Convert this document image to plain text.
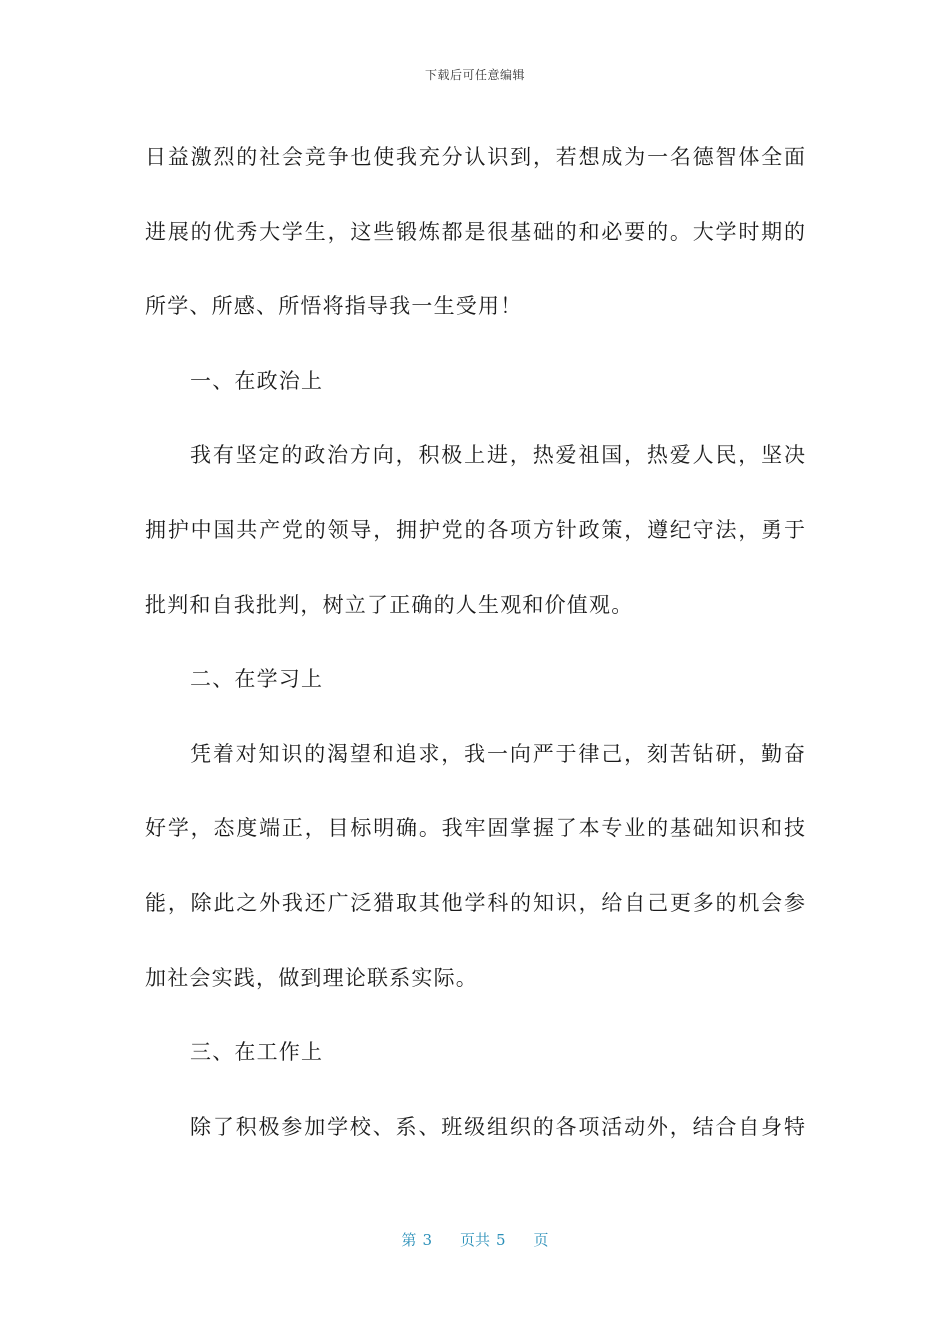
下载后可任意编辑
日益激烈的社会竞争也使我充分认识到，若想成为一名德智体全面
进展的优秀大学生，这些锻炼都是很基础的和必要的。大学时期的
所学、所感、所悟将指导我一生受用！
一、在政治上
我有坚定的政治方向，积极上进，热爱祖国，热爱人民，坚决
拥护中国共产党的领导，拥护党的各项方针政策，遵纪守法，勇于
批判和自我批判，树立了正确的人生观和价值观。
二、在学习上
凭着对知识的渴望和追求，我一向严于律己，刻苦钻研，勤奋
好学，态度端正，目标明确。我牢固掌握了本专业的基础知识和技
能，除此之外我还广泛猎取其他学科的知识，给自己更多的机会参
加社会实践，做到理论联系实际。
三、在工作上
除了积极参加学校、系、班级组织的各项活动外，结合自身特
第 3 页共 5 页
